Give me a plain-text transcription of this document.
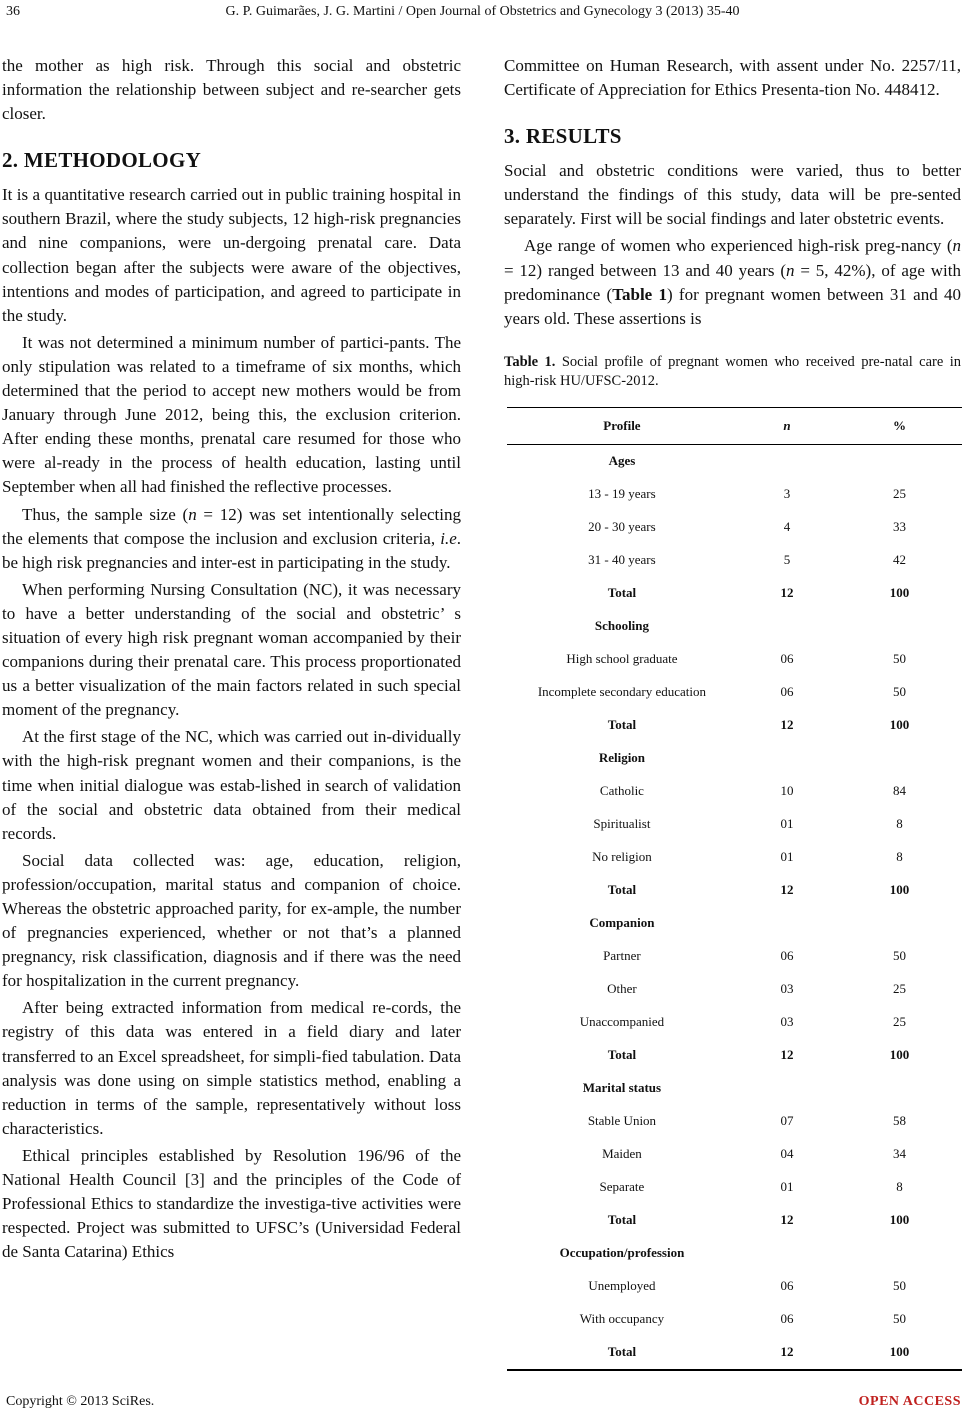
36	G. P. Guimarães, J. G. Martini / Open Journal of Obstetrics and Gynecology 3 (2013) 35-40

the mother as high risk. Through this social and obstetric information the relationship between subject and re-searcher gets closer.

2. METHODOLOGY

It is a quantitative research carried out in public training hospital in southern Brazil, where the study subjects, 12 high-risk pregnancies and nine companions, were un-dergoing prenatal care. Data collection began after the subjects were aware of the objectives, intentions and modes of participation, and agreed to participate in the study.

It was not determined a minimum number of partici-pants. The only stipulation was related to a timeframe of six months, which determined that the period to accept new mothers would be from January through June 2012, being this, the exclusion criterion. After ending these months, prenatal care resumed for those who were al-ready in the process of health education, lasting until September when all had finished the reflective processes.

Thus, the sample size (n = 12) was set intentionally selecting the elements that compose the inclusion and exclusion criteria, i.e. be high risk pregnancies and inter-est in participating in the study.

When performing Nursing Consultation (NC), it was necessary to have a better understanding of the social and obstetric’ s situation of every high risk pregnant woman accompanied by their companions during their prenatal care. This process proportionated us a better visualization of the main factors related in such special moment of the pregnancy.

At the first stage of the NC, which was carried out in-dividually with the high-risk pregnant women and their companions, is the time when initial dialogue was estab-lished in search of validation of the social and obstetric data obtained from their medical records.

Social data collected was: age, education, religion, profession/occupation, marital status and companion of choice. Whereas the obstetric approached parity, for ex-ample, the number of pregnancies experienced, whether or not that’s a planned pregnancy, risk classification, diagnosis and if there was the need for hospitalization in the current pregnancy.

After being extracted information from medical re-cords, the registry of this data was entered in a field diary and later transferred to an Excel spreadsheet, for simpli-fied tabulation. Data analysis was done using on simple statistics method, enabling a reduction in terms of the sample, representatively without loss characteristics.

Ethical principles established by Resolution 196/96 of the National Health Council [3] and the principles of the Code of Professional Ethics to standardize the investiga-tive activities were respected. Project was submitted to UFSC’s (Universidad Federal de Santa Catarina) Ethics

Committee on Human Research, with assent under No. 2257/11, Certificate of Appreciation for Ethics Presenta-tion No. 448412.

3. RESULTS

Social and obstetric conditions were varied, thus to better understand the findings of this study, data will be pre-sented separately. First will be social findings and later obstetric events.

Age range of women who experienced high-risk preg-nancy (n = 12) ranged between 13 and 40 years (n = 5, 42%), of age with predominance (Table 1) for pregnant women between 31 and 40 years old. These assertions is

Table 1. Social profile of pregnant women who received pre-natal care in high-risk HU/UFSC-2012.

Profile	n	%
Ages		
13 - 19 years	3	25
20 - 30 years	4	33
31 - 40 years	5	42
Total	12	100
Schooling		
High school graduate	06	50
Incomplete secondary education	06	50
Total	12	100
Religion		
Catholic	10	84
Spiritualist	01	8
No religion	01	8
Total	12	100
Companion		
Partner	06	50
Other	03	25
Unaccompanied	03	25
Total	12	100
Marital status		
Stable Union	07	58
Maiden	04	34
Separate	01	8
Total	12	100
Occupation/profession		
Unemployed	06	50
With occupancy	06	50
Total	12	100
Copyright © 2013 SciRes.	OPEN ACCESS
